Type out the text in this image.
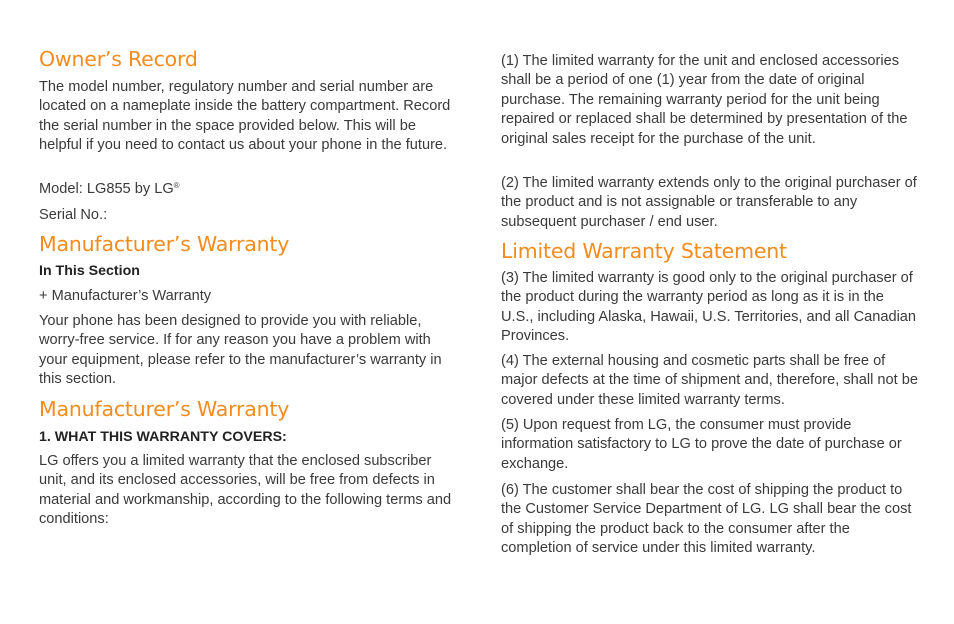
Owner’s Record

The model number, regulatory number and serial number are located on a nameplate inside the battery compartment. Record the serial number in the space provided below. This will be helpful if you need to contact us about your phone in the future.

Model: LG855 by LG®

Serial No.:

Manufacturer’s Warranty

In This Section

+ Manufacturer’s Warranty

Your phone has been designed to provide you with reliable, worry-free service. If for any reason you have a problem with your equipment, please refer to the manufacturer’s warranty in this section.

Manufacturer’s Warranty

1. WHAT THIS WARRANTY COVERS:

LG offers you a limited warranty that the enclosed subscriber unit, and its enclosed accessories, will be free from defects in material and workmanship, according to the following terms and conditions:

(1) The limited warranty for the unit and enclosed accessories shall be a period of one (1) year from the date of original purchase. The remaining warranty period for the unit being repaired or replaced shall be determined by presentation of the original sales receipt for the purchase of the unit.

(2) The limited warranty extends only to the original purchaser of the product and is not assignable or transferable to any subsequent purchaser / end user.

Limited Warranty Statement

(3) The limited warranty is good only to the original purchaser of the product during the warranty period as long as it is in the U.S., including Alaska, Hawaii, U.S. Territories, and all Canadian Provinces.

(4) The external housing and cosmetic parts shall be free of major defects at the time of shipment and, therefore, shall not be covered under these limited warranty terms.

(5) Upon request from LG, the consumer must provide information satisfactory to LG to prove the date of purchase or exchange.

(6) The customer shall bear the cost of shipping the product to the Customer Service Department of LG. LG shall bear the cost of shipping the product back to the consumer after the completion of service under this limited warranty.
